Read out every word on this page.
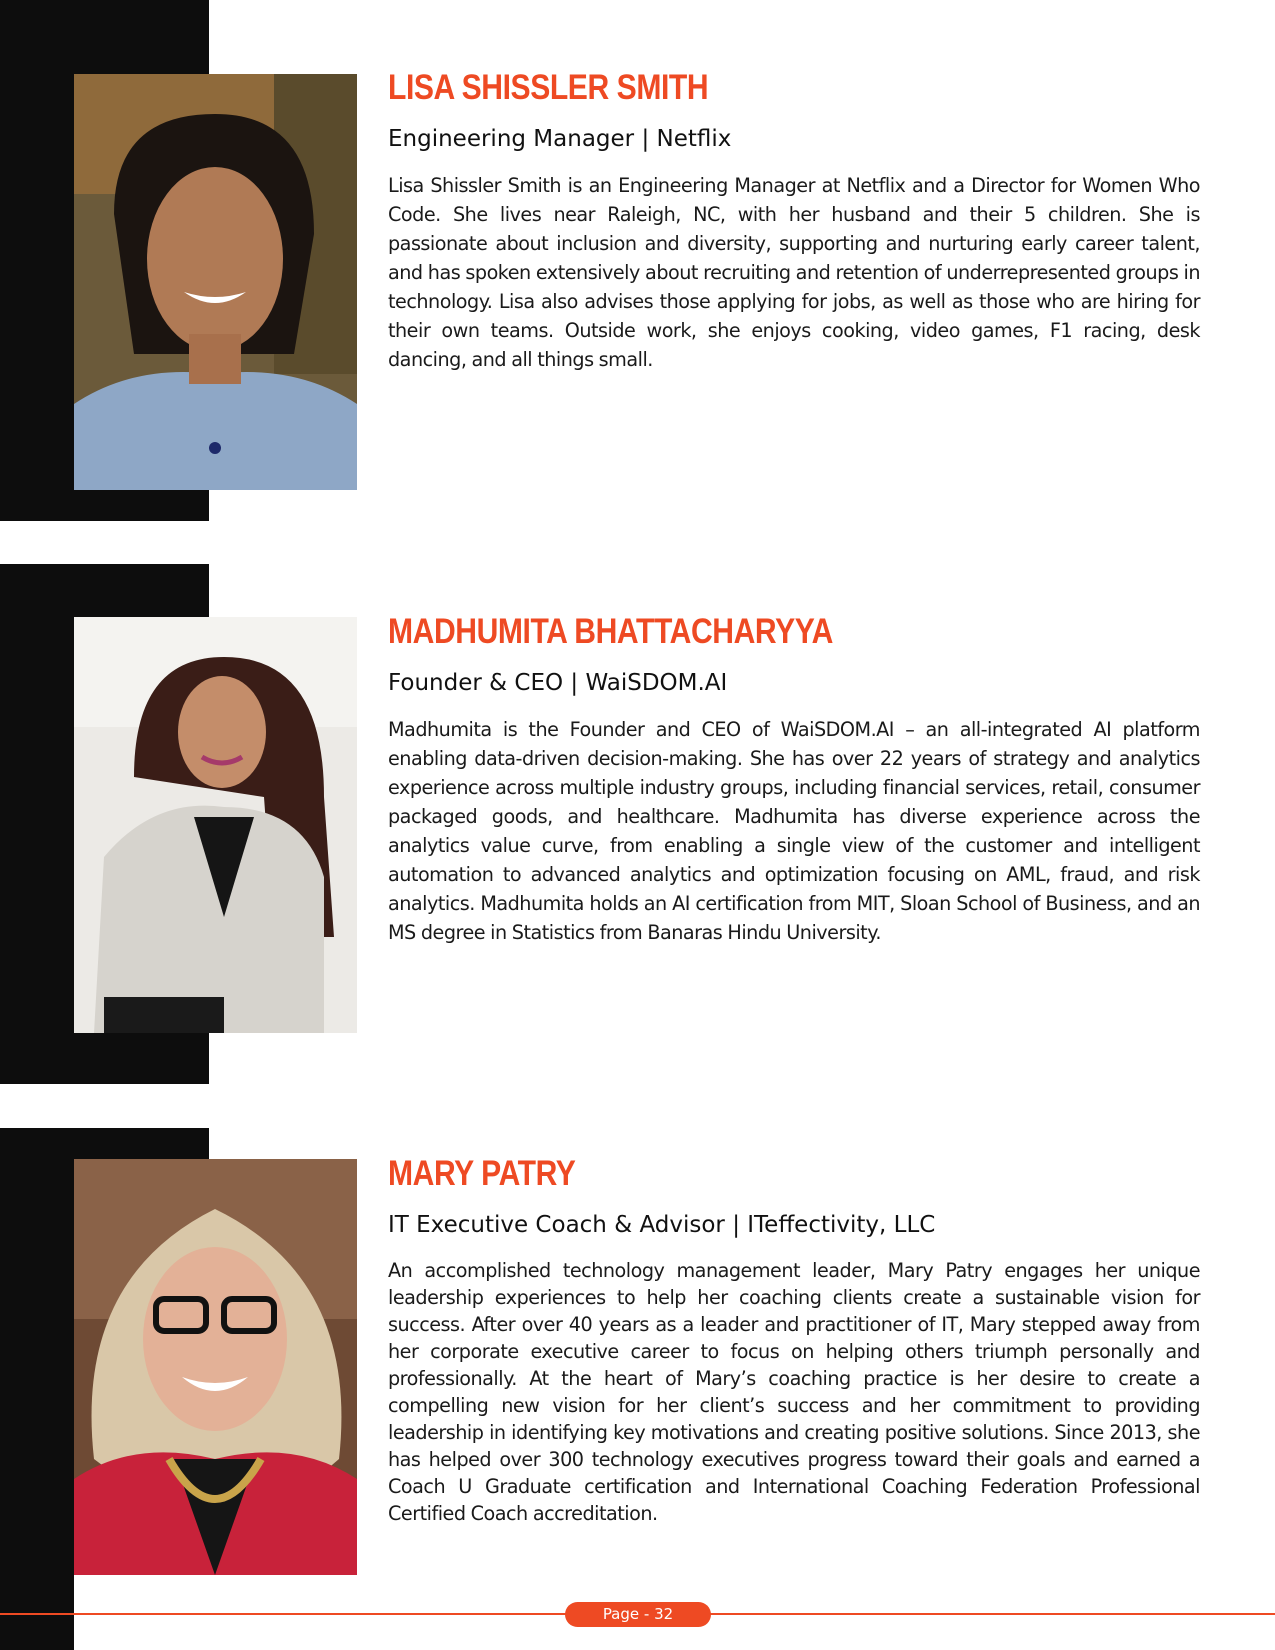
LISA SHISSLER SMITH
Engineering Manager | Netflix

Lisa Shissler Smith is an Engineering Manager at Netflix and a Director for Women Who Code. She lives near Raleigh, NC, with her husband and their 5 children. She is passionate about inclusion and diversity, supporting and nurturing early career talent, and has spoken extensively about recruiting and retention of underrepresented groups in technology. Lisa also advises those applying for jobs, as well as those who are hiring for their own teams. Outside work, she enjoys cooking, video games, F1 racing, desk dancing, and all things small.

MADHUMITA BHATTACHARYYA
Founder & CEO | WaiSDOM.AI

Madhumita is the Founder and CEO of WaiSDOM.AI – an all-integrated AI platform enabling data-driven decision-making. She has over 22 years of strategy and analytics experience across multiple industry groups, including financial services, retail, consumer packaged goods, and healthcare. Madhumita has diverse experience across the analytics value curve, from enabling a single view of the customer and intelligent automation to advanced analytics and optimization focusing on AML, fraud, and risk analytics. Madhumita holds an AI certification from MIT, Sloan School of Business, and an MS degree in Statistics from Banaras Hindu University.

MARY PATRY
IT Executive Coach & Advisor | ITeffectivity, LLC

An accomplished technology management leader, Mary Patry engages her unique leadership experiences to help her coaching clients create a sustainable vision for success. After over 40 years as a leader and practitioner of IT, Mary stepped away from her corporate executive career to focus on helping others triumph personally and professionally. At the heart of Mary’s coaching practice is her desire to create a compelling new vision for her client’s success and her commitment to providing leadership in identifying key motivations and creating positive solutions. Since 2013, she has helped over 300 technology executives progress toward their goals and earned a Coach U Graduate certification and International Coaching Federation Professional Certified Coach accreditation.

Page - 32
